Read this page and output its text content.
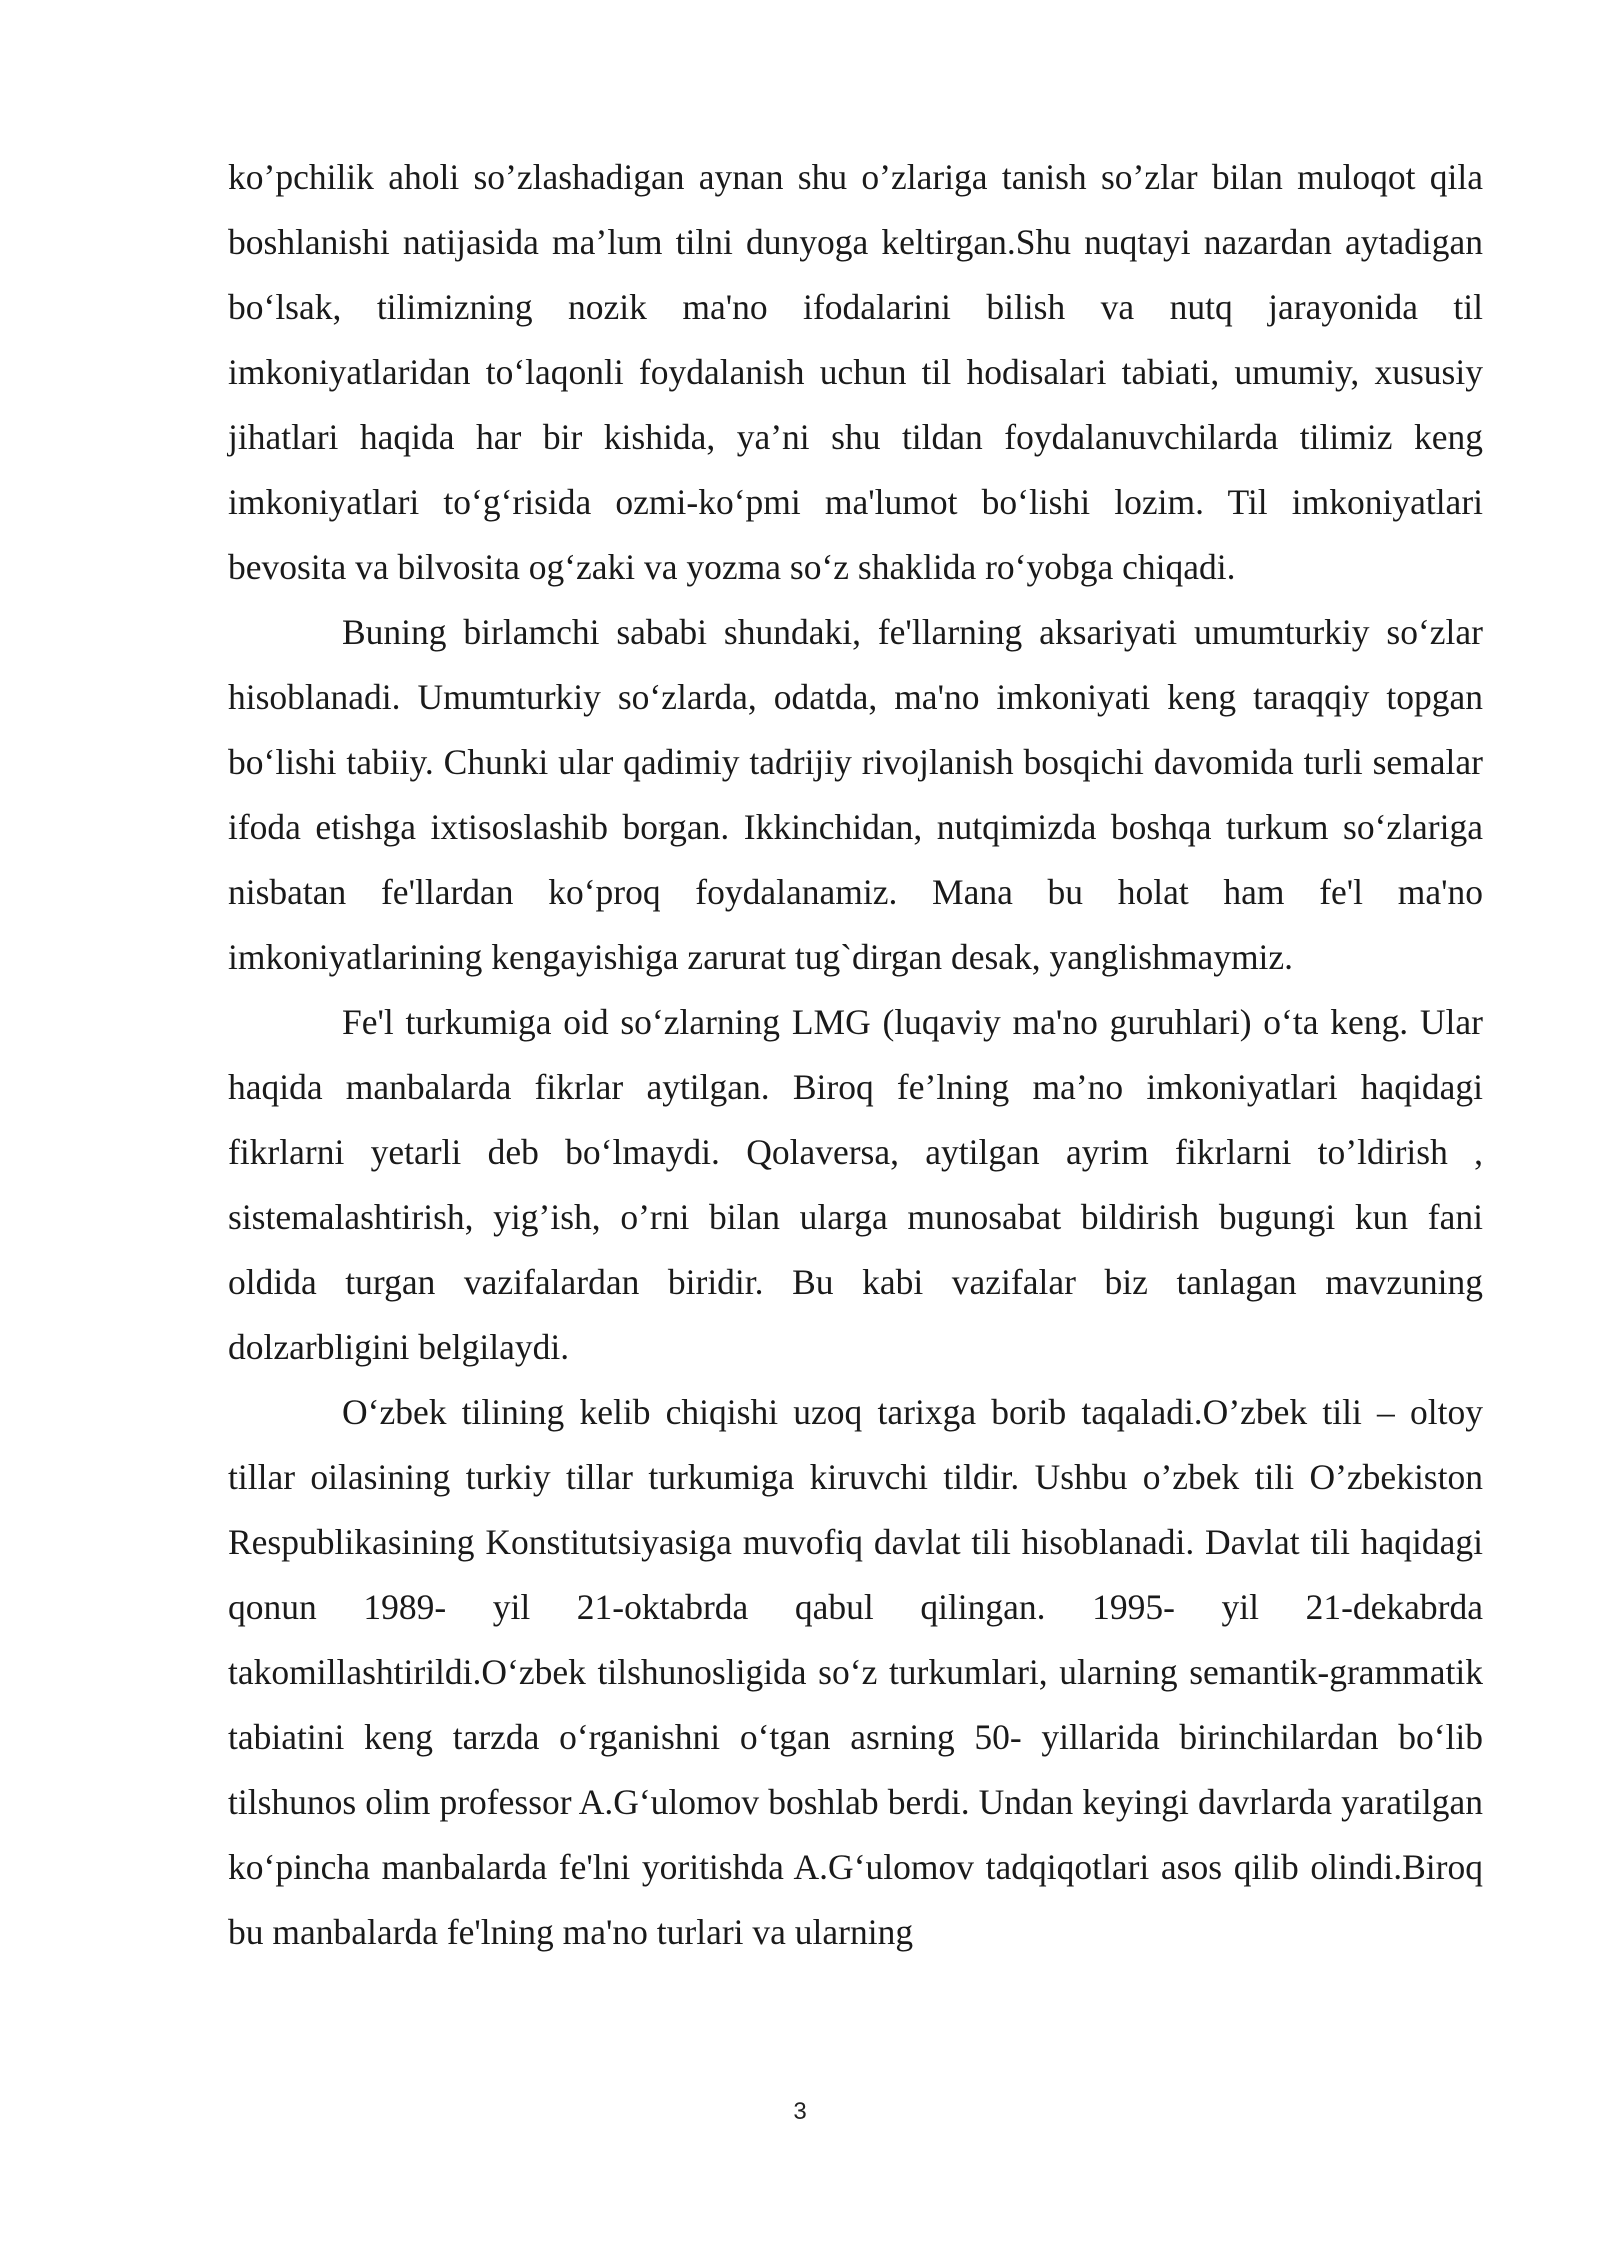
ko’pchilik aholi so’zlashadigan aynan shu o’zlariga tanish so’zlar bilan muloqot qila boshlanishi natijasida ma’lum tilni dunyoga keltirgan.Shu nuqtayi nazardan aytadigan bo‘lsak, tilimizning nozik ma'no ifodalarini bilish va nutq jarayonida til imkoniyatlaridan to‘laqonli foydalanish uchun til hodisalari tabiati, umumiy, xususiy jihatlari haqida har bir kishida, ya’ni shu tildan foydalanuvchilarda tilimiz keng imkoniyatlari to‘g‘risida ozmi-ko‘pmi ma'lumot bo‘lishi lozim. Til imkoniyatlari bevosita va bilvosita og‘zaki va yozma so‘z shaklida ro‘yobga chiqadi.

Buning birlamchi sababi shundaki, fe'llarning aksariyati umumturkiy so‘zlar hisoblanadi. Umumturkiy so‘zlarda, odatda, ma'no imkoniyati keng taraqqiy topgan bo‘lishi tabiiy. Chunki ular qadimiy tadrijiy rivojlanish bosqichi davomida turli semalar ifoda etishga ixtisoslashib borgan. Ikkinchidan, nutqimizda boshqa turkum so‘zlariga nisbatan fe'llardan ko‘proq foydalanamiz. Mana bu holat ham fe'l ma'no imkoniyatlarining kengayishiga zarurat tug`dirgan desak, yanglishmaymiz.

Fe'l turkumiga oid so‘zlarning LMG (luqaviy ma'no guruhlari) o‘ta keng. Ular haqida manbalarda fikrlar aytilgan. Biroq fe’lning ma’no imkoniyatlari haqidagi fikrlarni yetarli deb bo‘lmaydi. Qolaversa, aytilgan ayrim fikrlarni to’ldirish , sistemalashtirish, yig’ish, o’rni bilan ularga munosabat bildirish bugungi kun fani oldida turgan vazifalardan biridir. Bu kabi vazifalar biz tanlagan mavzuning dolzarbligini belgilaydi.

O‘zbek tilining kelib chiqishi uzoq tarixga borib taqaladi.O’zbek tili – oltoy tillar oilasining turkiy tillar turkumiga kiruvchi tildir. Ushbu o’zbek tili O’zbekiston Respublikasining Konstitutsiyasiga muvofiq davlat tili hisoblanadi. Davlat tili haqidagi qonun 1989- yil 21-oktabrda qabul qilingan. 1995- yil 21-dekabrda takomillashtirildi.O‘zbek tilshunosligida so‘z turkumlari, ularning semantik-grammatik tabiatini keng tarzda o‘rganishni o‘tgan asrning 50- yillarida birinchilardan bo‘lib tilshunos olim professor A.G‘ulomov boshlab berdi. Undan keyingi davrlarda yaratilgan ko‘pincha manbalarda fe'lni yoritishda A.G‘ulomov tadqiqotlari asos qilib olindi.Biroq bu manbalarda fe'lning ma'no turlari va ularning

3
